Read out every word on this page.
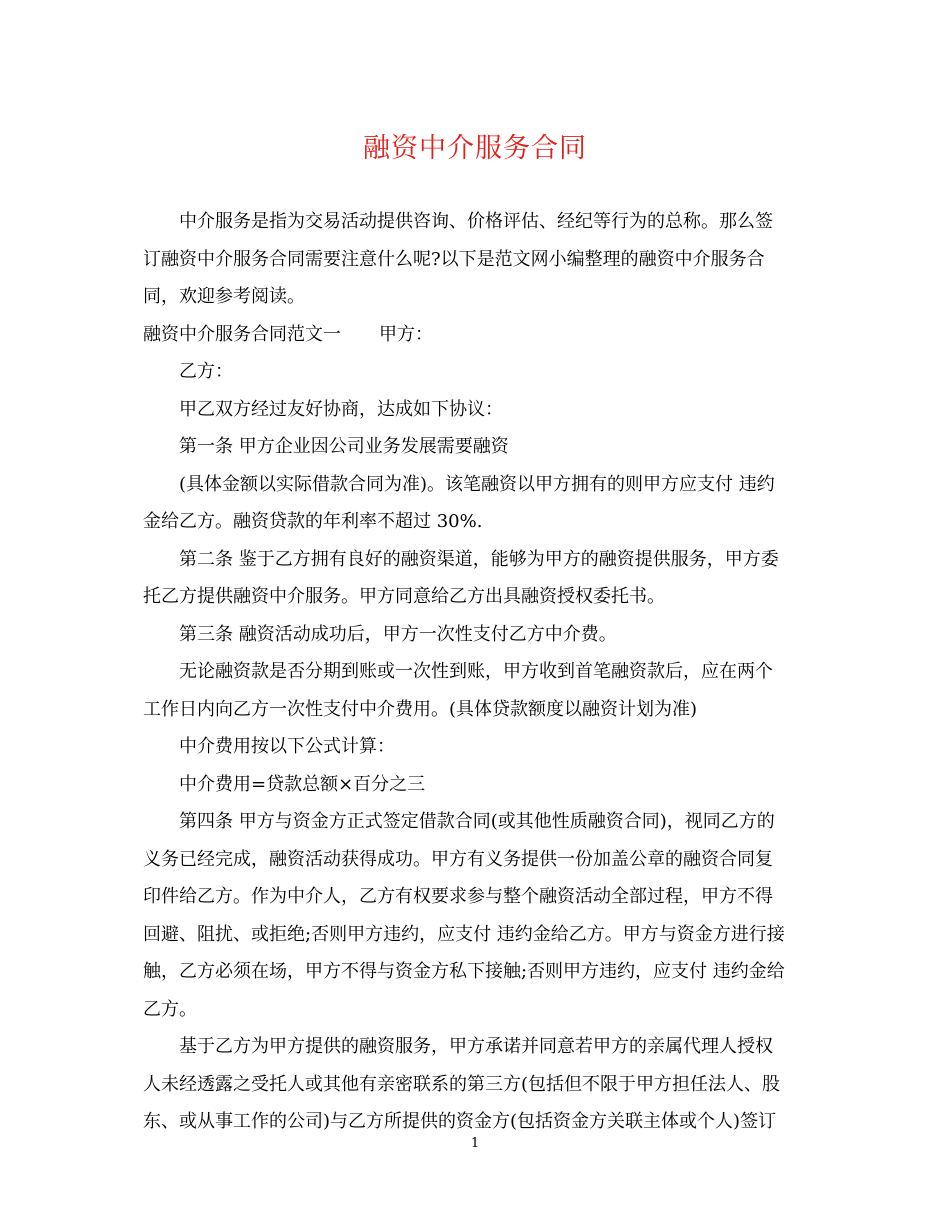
融资中介服务合同
中介服务是指为交易活动提供咨询、价格评估、经纪等行为的总称。那么签
订融资中介服务合同需要注意什么呢?以下是范文网小编整理的融资中介服务合
同，欢迎参考阅读。
融资中介服务合同范文一 甲方：
乙方：
甲乙双方经过友好协商，达成如下协议：
第一条 甲方企业因公司业务发展需要融资
(具体金额以实际借款合同为准)。该笔融资以甲方拥有的则甲方应支付 违约
金给乙方。融资贷款的年利率不超过 30%.
第二条 鉴于乙方拥有良好的融资渠道，能够为甲方的融资提供服务，甲方委
托乙方提供融资中介服务。甲方同意给乙方出具融资授权委托书。
第三条 融资活动成功后，甲方一次性支付乙方中介费。
无论融资款是否分期到账或一次性到账，甲方收到首笔融资款后，应在两个
工作日内向乙方一次性支付中介费用。(具体贷款额度以融资计划为准)
中介费用按以下公式计算：
中介费用=贷款总额×百分之三
第四条 甲方与资金方正式签定借款合同(或其他性质融资合同)，视同乙方的
义务已经完成，融资活动获得成功。甲方有义务提供一份加盖公章的融资合同复
印件给乙方。作为中介人，乙方有权要求参与整个融资活动全部过程，甲方不得
回避、阻扰、或拒绝;否则甲方违约，应支付 违约金给乙方。甲方与资金方进行接
触，乙方必须在场，甲方不得与资金方私下接触;否则甲方违约，应支付 违约金给
乙方。
基于乙方为甲方提供的融资服务，甲方承诺并同意若甲方的亲属代理人授权
人未经透露之受托人或其他有亲密联系的第三方(包括但不限于甲方担任法人、股
东、或从事工作的公司)与乙方所提供的资金方(包括资金方关联主体或个人)签订
1
